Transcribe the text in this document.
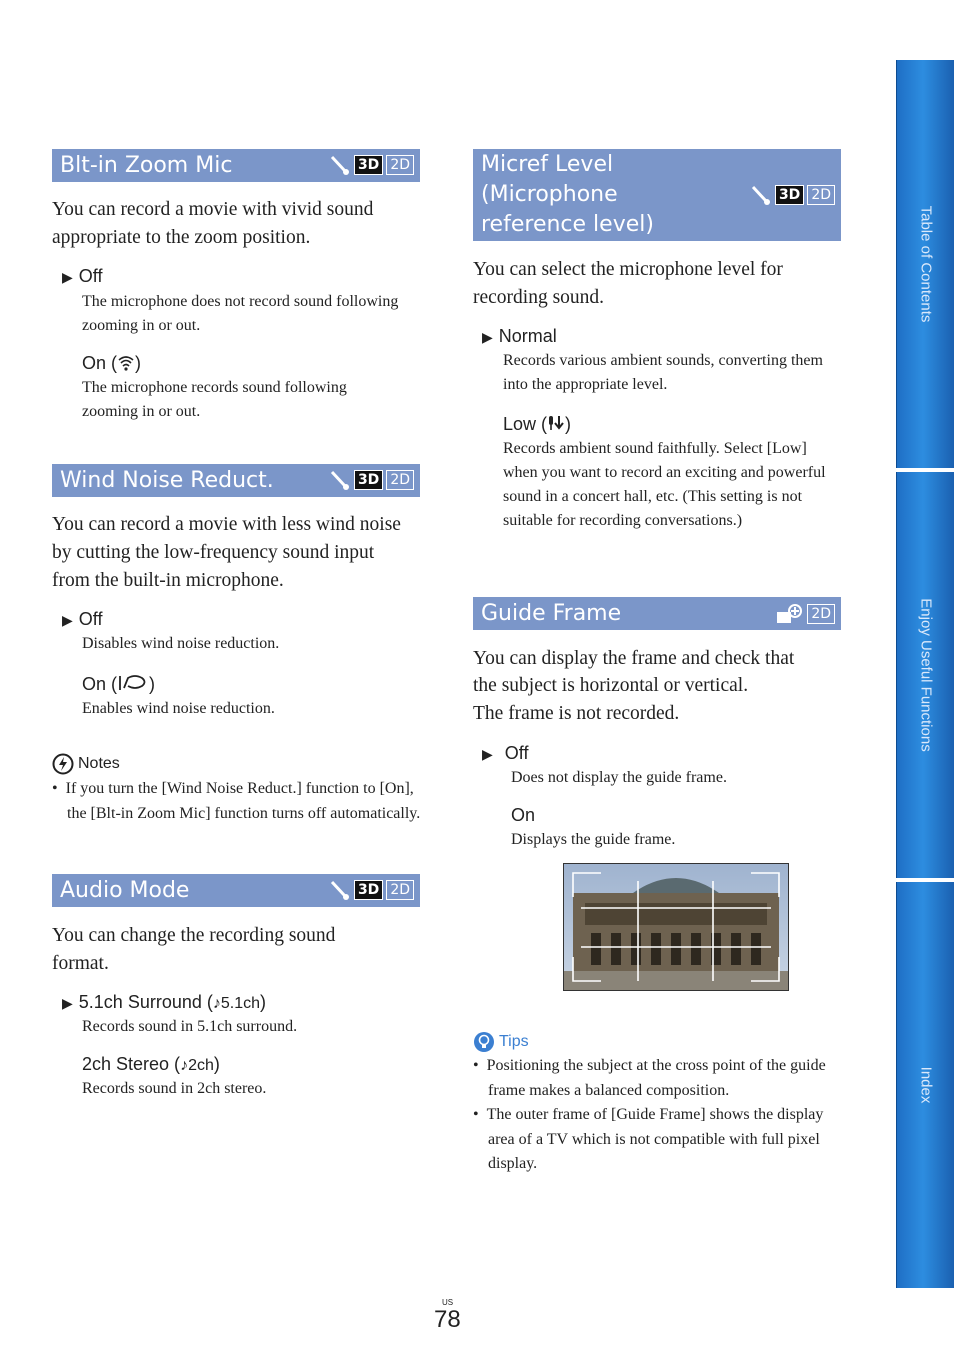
Blt-in Zoom Mic	3D 2D
You can record a movie with vivid sound appropriate to the zoom position.
▶ Off
The microphone does not record sound following zooming in or out.
On ( )
The microphone records sound following zooming in or out.
Wind Noise Reduct.	3D 2D
You can record a movie with less wind noise by cutting the low-frequency sound input from the built-in microphone.
▶ Off
Disables wind noise reduction.
On ( )
Enables wind noise reduction.
Notes
•  If you turn the [Wind Noise Reduct.] function to [On], the [Blt-in Zoom Mic] function turns off automatically.
Audio Mode	3D 2D
You can change the recording sound format.
▶ 5.1ch Surround (♪5.1ch)
Records sound in 5.1ch surround.
2ch Stereo (♪2ch)
Records sound in 2ch stereo.
Micref Level
(Microphone
reference level)
3D 2D
You can select the microphone level for recording sound.
▶ Normal
Records various ambient sounds, converting them into the appropriate level.
Low ( )
Records ambient sound faithfully. Select [Low] when you want to record an exciting and powerful sound in a concert hall, etc. (This setting is not suitable for recording conversations.)
Guide Frame	2D
You can display the frame and check that
the subject is horizontal or vertical.
The frame is not recorded.
▶ Off
Does not display the guide frame.
On
Displays the guide frame.
Tips
•  Positioning the subject at the cross point of the guide frame makes a balanced composition.
•  The outer frame of [Guide Frame] shows the display area of a TV which is not compatible with full pixel display.
Table of Contents
Enjoy Useful Functions
Index
US
78
